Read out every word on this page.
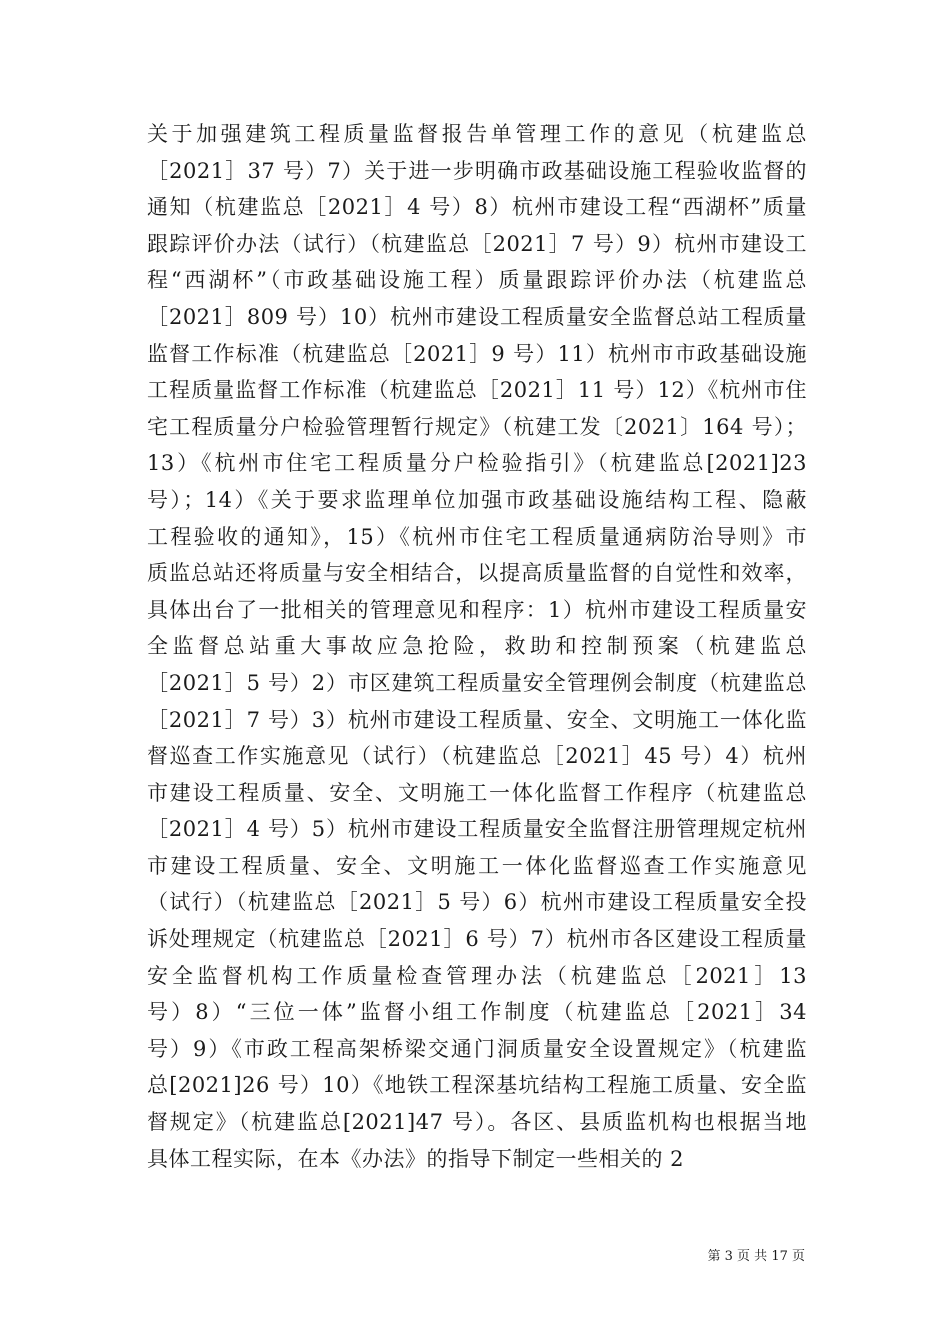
关于加强建筑工程质量监督报告单管理工作的意见（杭建监总
［2021］37 号）7）关于进一步明确市政基础设施工程验收监督的
通知（杭建监总［2021］4 号）8）杭州市建设工程“西湖杯”质量
跟踪评价办法（试行）（杭建监总［2021］7 号）9）杭州市建设工
程“西湖杯”（市政基础设施工程）质量跟踪评价办法（杭建监总
［2021］809 号）10）杭州市建设工程质量安全监督总站工程质量
监督工作标准（杭建监总［2021］9 号）11）杭州市市政基础设施
工程质量监督工作标准（杭建监总［2021］11 号）12）《杭州市住
宅工程质量分户检验管理暂行规定》（杭建工发〔2021〕164 号）；
13）《杭州市住宅工程质量分户检验指引》（杭建监总[2021]23
号）；14）《关于要求监理单位加强市政基础设施结构工程、隐蔽
工程验收的通知》，15）《杭州市住宅工程质量通病防治导则》市
质监总站还将质量与安全相结合，以提高质量监督的自觉性和效率，
具体出台了一批相关的管理意见和程序：1）杭州市建设工程质量安
全监督总站重大事故应急抢险，救助和控制预案（杭建监总
［2021］5 号）2）市区建筑工程质量安全管理例会制度（杭建监总
［2021］7 号）3）杭州市建设工程质量、安全、文明施工一体化监
督巡查工作实施意见（试行）（杭建监总［2021］45 号）4）杭州
市建设工程质量、安全、文明施工一体化监督工作程序（杭建监总
［2021］4 号）5）杭州市建设工程质量安全监督注册管理规定杭州
市建设工程质量、安全、文明施工一体化监督巡查工作实施意见
（试行）（杭建监总［2021］5 号）6）杭州市建设工程质量安全投
诉处理规定（杭建监总［2021］6 号）7）杭州市各区建设工程质量
安全监督机构工作质量检查管理办法（杭建监总［2021］13
号）8）“三位一体”监督小组工作制度（杭建监总［2021］34
号）9）《市政工程高架桥梁交通门洞质量安全设置规定》（杭建监
总[2021]26 号）10）《地铁工程深基坑结构工程施工质量、安全监
督规定》（杭建监总[2021]47 号）。各区、县质监机构也根据当地
具体工程实际，在本《办法》的指导下制定一些相关的 2
第 3 页 共 17 页
